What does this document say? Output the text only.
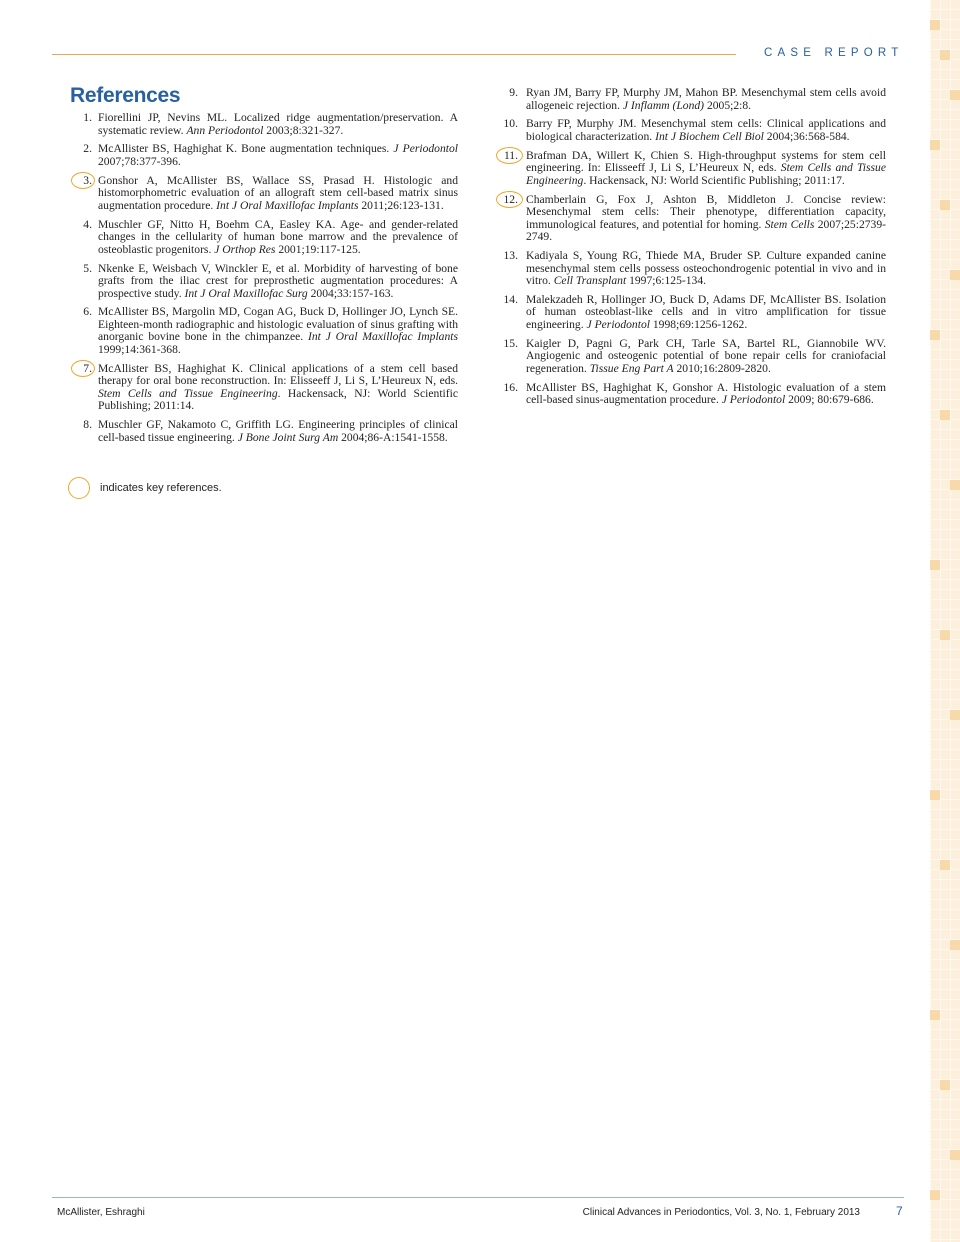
CASE REPORT
References
1. Fiorellini JP, Nevins ML. Localized ridge augmentation/preservation. A systematic review. Ann Periodontol 2003;8:321-327.
2. McAllister BS, Haghighat K. Bone augmentation techniques. J Periodontol 2007;78:377-396.
3. Gonshor A, McAllister BS, Wallace SS, Prasad H. Histologic and histomorphometric evaluation of an allograft stem cell-based matrix sinus augmentation procedure. Int J Oral Maxillofac Implants 2011;26:123-131.
4. Muschler GF, Nitto H, Boehm CA, Easley KA. Age- and gender-related changes in the cellularity of human bone marrow and the prevalence of osteoblastic progenitors. J Orthop Res 2001;19:117-125.
5. Nkenke E, Weisbach V, Winckler E, et al. Morbidity of harvesting of bone grafts from the iliac crest for preprosthetic augmentation procedures: A prospective study. Int J Oral Maxillofac Surg 2004;33:157-163.
6. McAllister BS, Margolin MD, Cogan AG, Buck D, Hollinger JO, Lynch SE. Eighteen-month radiographic and histologic evaluation of sinus grafting with anorganic bovine bone in the chimpanzee. Int J Oral Maxillofac Implants 1999;14:361-368.
7. McAllister BS, Haghighat K. Clinical applications of a stem cell based therapy for oral bone reconstruction. In: Elisseeff J, Li S, L’Heureux N, eds. Stem Cells and Tissue Engineering. Hackensack, NJ: World Scientific Publishing; 2011:14.
8. Muschler GF, Nakamoto C, Griffith LG. Engineering principles of clinical cell-based tissue engineering. J Bone Joint Surg Am 2004;86-A:1541-1558.
9. Ryan JM, Barry FP, Murphy JM, Mahon BP. Mesenchymal stem cells avoid allogeneic rejection. J Inflamm (Lond) 2005;2:8.
10. Barry FP, Murphy JM. Mesenchymal stem cells: Clinical applications and biological characterization. Int J Biochem Cell Biol 2004;36:568-584.
11. Brafman DA, Willert K, Chien S. High-throughput systems for stem cell engineering. In: Elisseeff J, Li S, L’Heureux N, eds. Stem Cells and Tissue Engineering. Hackensack, NJ: World Scientific Publishing; 2011:17.
12. Chamberlain G, Fox J, Ashton B, Middleton J. Concise review: Mesenchymal stem cells: Their phenotype, differentiation capacity, immunological features, and potential for homing. Stem Cells 2007;25:2739-2749.
13. Kadiyala S, Young RG, Thiede MA, Bruder SP. Culture expanded canine mesenchymal stem cells possess osteochondrogenic potential in vivo and in vitro. Cell Transplant 1997;6:125-134.
14. Malekzadeh R, Hollinger JO, Buck D, Adams DF, McAllister BS. Isolation of human osteoblast-like cells and in vitro amplification for tissue engineering. J Periodontol 1998;69:1256-1262.
15. Kaigler D, Pagni G, Park CH, Tarle SA, Bartel RL, Giannobile WV. Angiogenic and osteogenic potential of bone repair cells for craniofacial regeneration. Tissue Eng Part A 2010;16:2809-2820.
16. McAllister BS, Haghighat K, Gonshor A. Histologic evaluation of a stem cell-based sinus-augmentation procedure. J Periodontol 2009; 80:679-686.
indicates key references.
McAllister, Eshraghi	Clinical Advances in Periodontics, Vol. 3, No. 1, February 2013	7
